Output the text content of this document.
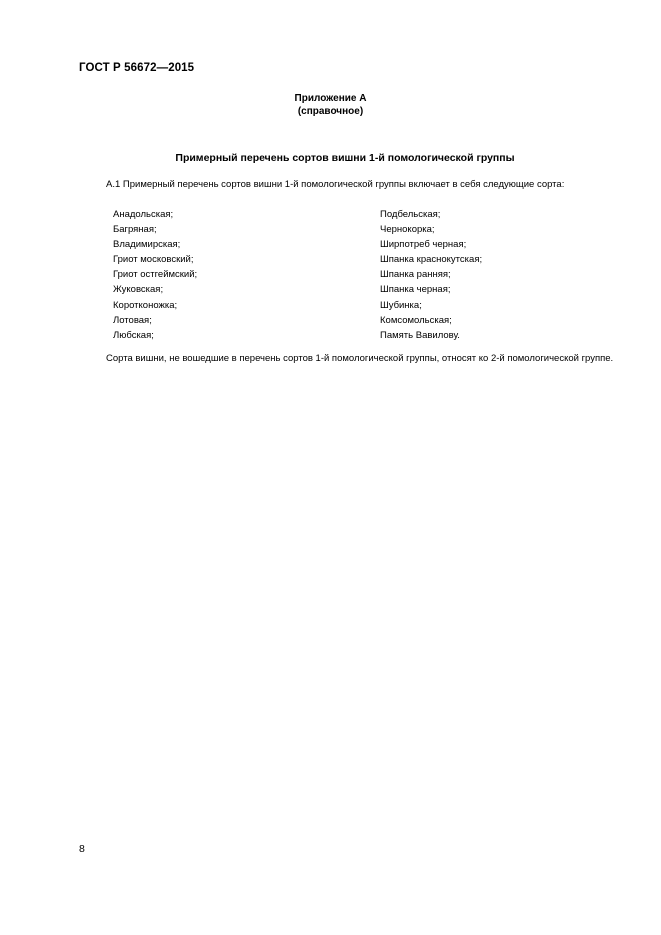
ГОСТ Р 56672—2015
Приложение А
(справочное)
Примерный перечень сортов вишни 1-й помологической группы
А.1 Примерный перечень сортов вишни 1-й помологической группы включает в себя следующие сорта:
Анадольская;
Багряная;
Владимирская;
Гриот московский;
Гриот остгеймский;
Жуковская;
Коротконожка;
Лотовая;
Любская;
Подбельская;
Чернокорка;
Ширпотреб черная;
Шпанка краснокутская;
Шпанка ранняя;
Шпанка черная;
Шубинка;
Комсомольская;
Память Вавилову.
Сорта вишни, не вошедшие в перечень сортов 1-й помологической группы, относят ко 2-й помологической группе.
8
